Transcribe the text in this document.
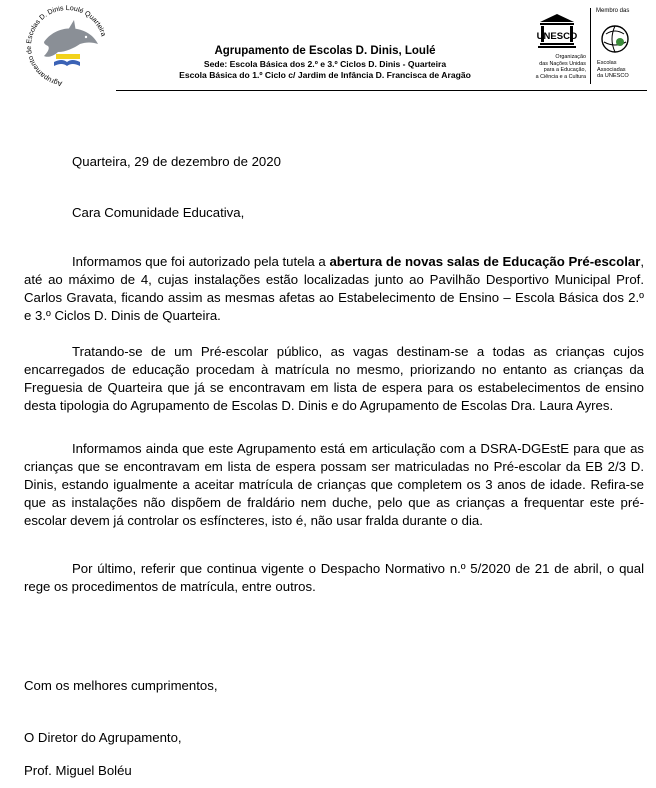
Agrupamento de Escolas D. Dinis Loulé Quarteira
Agrupamento de Escolas D. Dinis, Loulé
Sede: Escola Básica dos 2.º e 3.º Ciclos D. Dinis - Quarteira
Escola Básica do 1.º Ciclo c/ Jardim de Infância D. Francisca de Aragão
UNESCO
Organização
das Nações Unidas
para a Educação,
a Ciência e a Cultura
Membro das
Escolas
Associadas
da UNESCO
Quarteira, 29 de dezembro de 2020
Cara Comunidade Educativa,
Informamos que foi autorizado pela tutela a abertura de novas salas de Educação Pré-escolar, até ao máximo de 4, cujas instalações estão localizadas junto ao Pavilhão Desportivo Municipal Prof. Carlos Gravata, ficando assim as mesmas afetas ao Estabelecimento de Ensino – Escola Básica dos 2.º e 3.º Ciclos D. Dinis de Quarteira.
Tratando-se de um Pré-escolar público, as vagas destinam-se a todas as crianças cujos encarregados de educação procedam à matrícula no mesmo, priorizando no entanto as crianças da Freguesia de Quarteira que já se encontravam em lista de espera para os estabelecimentos de ensino desta tipologia do Agrupamento de Escolas D. Dinis e do Agrupamento de Escolas Dra. Laura Ayres.
Informamos ainda que este Agrupamento está em articulação com a DSRA-DGEstE para que as crianças que se encontravam em lista de espera possam ser matriculadas no Pré-escolar da EB 2/3 D. Dinis, estando igualmente a aceitar matrícula de crianças que completem os 3 anos de idade. Refira-se que as instalações não dispõem de fraldário nem duche, pelo que as crianças a frequentar este pré-escolar devem já controlar os esfíncteres, isto é, não usar fralda durante o dia.
Por último, referir que continua vigente o Despacho Normativo n.º 5/2020 de 21 de abril, o qual rege os procedimentos de matrícula, entre outros.
Com os melhores cumprimentos,
O Diretor do Agrupamento,
Prof. Miguel Boléu
